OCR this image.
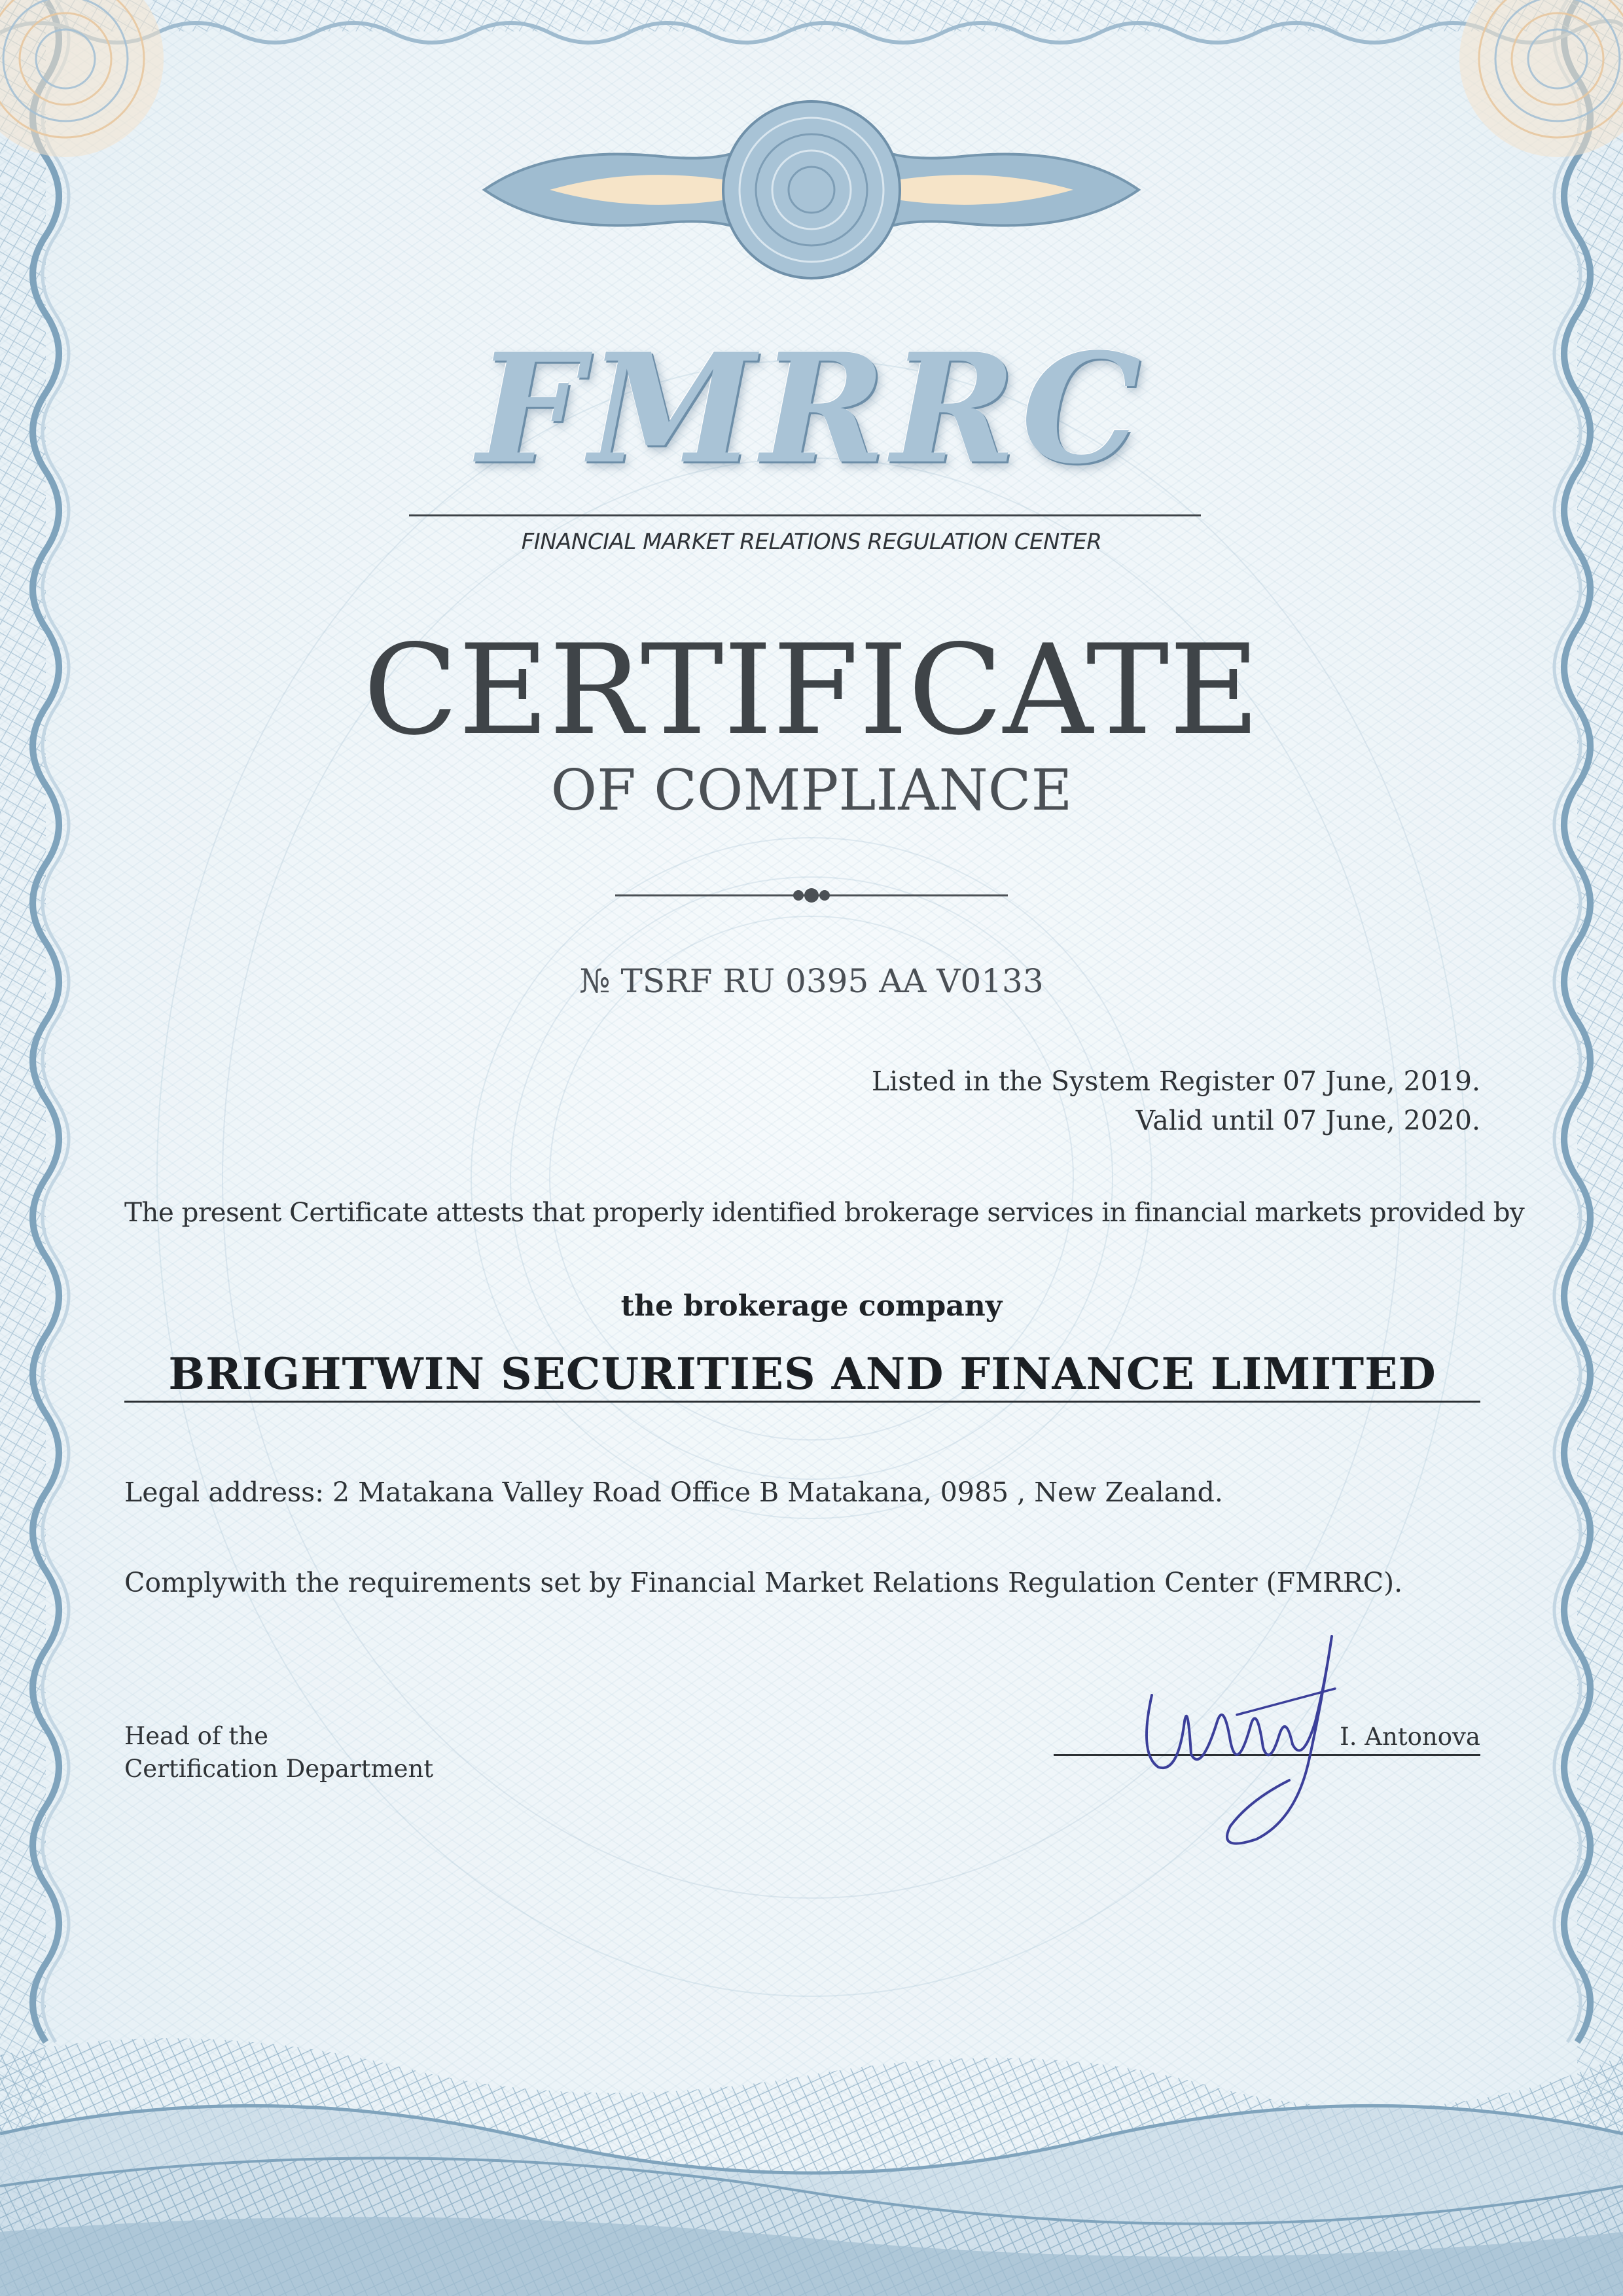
FMRRC
FINANCIAL MARKET RELATIONS REGULATION CENTER
CERTIFICATE
OF COMPLIANCE
№ TSRF RU 0395 AA V0133
Listed in the System Register 07 June, 2019.
Valid until 07 June, 2020.
The present Certificate attests that properly identified brokerage services in financial markets provided by
the brokerage company
BRIGHTWIN SECURITIES AND FINANCE LIMITED
Legal address: 2 Matakana Valley Road Office B Matakana, 0985 , New Zealand.
Complywith the requirements set by Financial Market Relations Regulation Center (FMRRC).
Head of the
Certification Department
I. Antonova
